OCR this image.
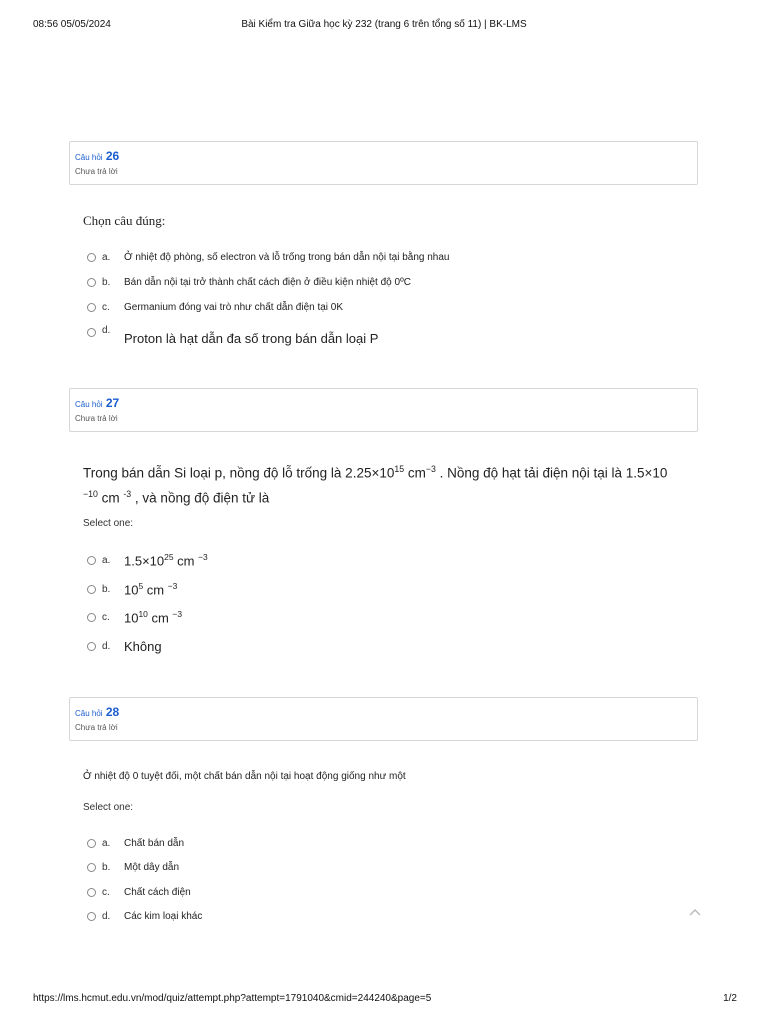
08:56 05/05/2024	Bài Kiểm tra Giữa học kỳ 232 (trang 6 trên tổng số 11) | BK-LMS
Câu hỏi 26
Chưa trả lời
Chọn câu đúng:
a.	Ở nhiệt độ phòng, số electron và lỗ trống trong bán dẫn nội tại bằng nhau
b.	Bán dẫn nội tại trở thành chất cách điện ở điều kiện nhiệt độ 0ºC
c.	Germanium đóng vai trò như chất dẫn điện tại 0K
d.
Proton là hạt dẫn đa số trong bán dẫn loại P
Câu hỏi 27
Chưa trả lời
Trong bán dẫn Si loại p, nồng độ lỗ trống là $2.25\times 10^{15}$ $cm^{-3}$ . Nồng độ hạt tải điện nội tại là 1.5×10
$^{-10}$ cm $^{-3}$ , và nồng độ điện tử là
Select one:
a.	$1.5\times 10^{25}$ cm $^{-3}$
b.	$10^5$ cm $^{-3}$
c.	$10^{10}$ cm $^{-3}$
d.	Không
Câu hỏi 28
Chưa trả lời
Ở nhiệt độ 0 tuyệt đối, một chất bán dẫn nội tại hoạt động giống như một
Select one:
a.	Chất bán dẫn
b.	Một dây dẫn
c.	Chất cách điện
d.	Các kim loại khác
https://lms.hcmut.edu.vn/mod/quiz/attempt.php?attempt=1791040&cmid=244240&page=5	1/2
